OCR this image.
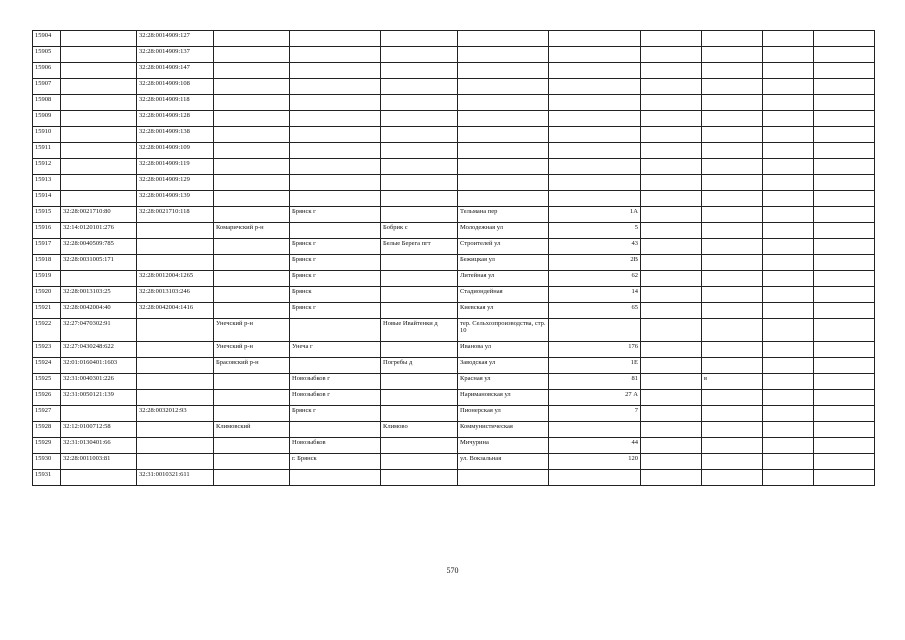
15904		32:28:0014909:127									
15905		32:28:0014909:137									
15906		32:28:0014909:147									
15907		32:28:0014909:108									
15908		32:28:0014909:118									
15909		32:28:0014909:128									
15910		32:28:0014909:138									
15911		32:28:0014909:109									
15912		32:28:0014909:119									
15913		32:28:0014909:129									
15914		32:28:0014909:139									
15915	32:28:0021710:80	32:28:0021710:118		Брянск г		Тельмана пер	1А				
15916	32:14:0120101:276		Комаричский р-н		Бобрик с	Молодежная ул	5				
15917	32:28:0040509:785			Брянск г	Белые Берега пгт	Строителей ул	43				
15918	32:28:0031005:171			Брянск г		Бежицкая ул	2В				
15919		32:28:0012004:1265		Брянск г		Литейная ул	62				
15920	32:28:0013103:25	32:28:0013103:246		Брянск		Стадиондейная	14				
15921	32:28:0042004:40	32:28:0042004:1416		Брянск г		Киевская ул	65				
15922	32:27:0470302:91		Унечский р-н		Новые Ивайтенки д	тер. Сельхозпроизводства, стр. 10					
15923	32:27:0430248:622		Унечский р-н	Унеча г		Иванова ул	176				
15924	32:01:0160401:1603		Брасовский р-н		Погребы д	Заводская ул	1Е				
15925	32:31:0040301:226			Новозыбков г		Красная ул	81		в		
15926	32:31:0050121:139			Новозыбков г		Наримановская ул	27 А				
15927		32:28:0032012:93		Брянск г		Пионерская ул	7				
15928	32:12:0100712:58		Климовский		Климово	Коммунистическая					
15929	32:31:0130401:66			Новозыбков		Мичурина	44				
15930	32:28:0011003:81			г. Брянск		ул. Вокзальная	120				
15931		32:31:0010321:611									
570
